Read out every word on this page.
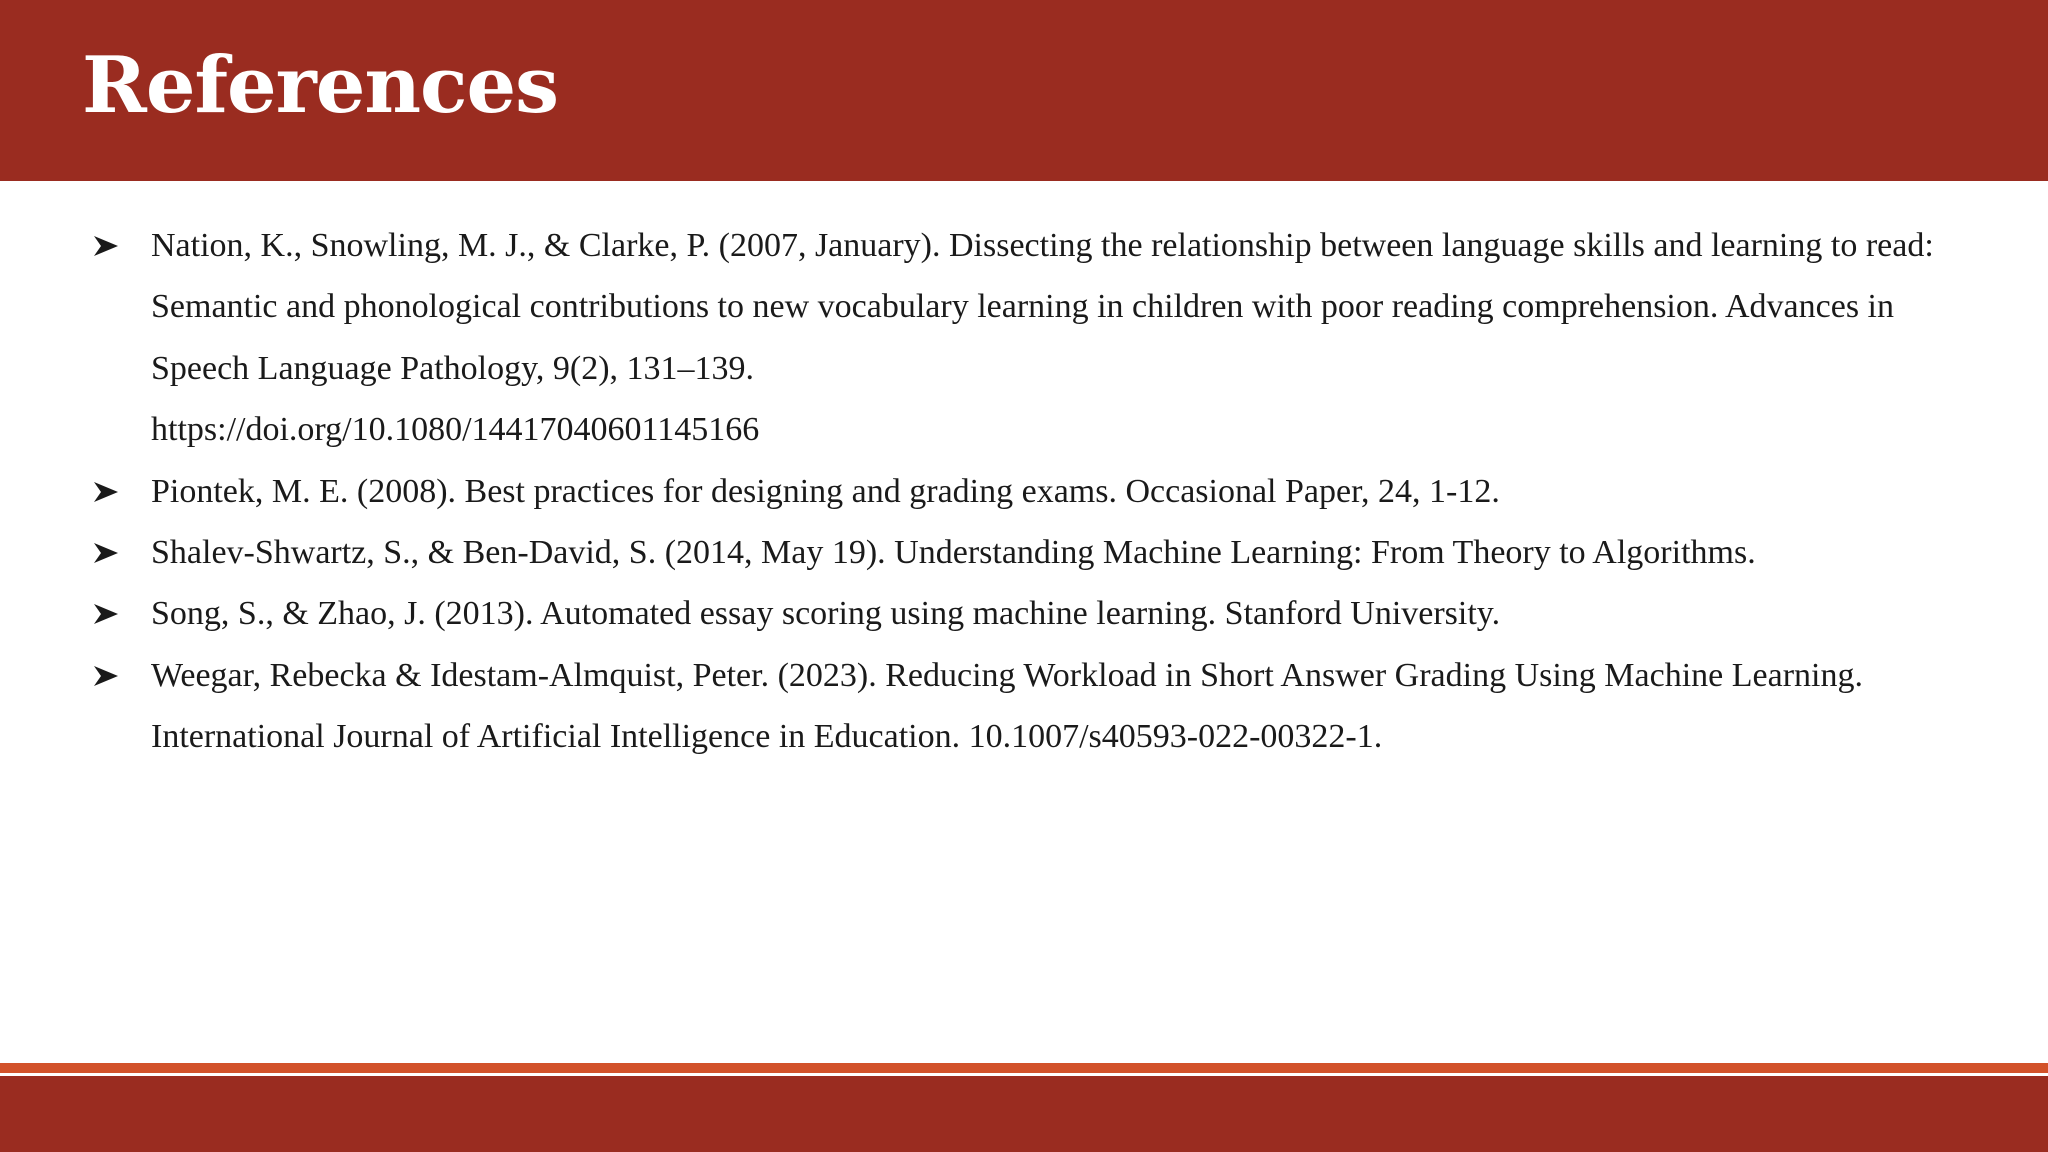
References
Nation, K., Snowling, M. J., & Clarke, P. (2007, January). Dissecting the relationship between language skills and learning to read: Semantic and phonological contributions to new vocabulary learning in children with poor reading comprehension. Advances in Speech Language Pathology, 9(2), 131–139.
https://doi.org/10.1080/14417040601145166
Piontek, M. E. (2008). Best practices for designing and grading exams. Occasional Paper, 24, 1-12.
Shalev-Shwartz, S., & Ben-David, S. (2014, May 19). Understanding Machine Learning: From Theory to Algorithms.
Song, S., & Zhao, J. (2013). Automated essay scoring using machine learning. Stanford University.
Weegar, Rebecka & Idestam-Almquist, Peter. (2023). Reducing Workload in Short Answer Grading Using Machine Learning. International Journal of Artificial Intelligence in Education. 10.1007/s40593-022-00322-1.
